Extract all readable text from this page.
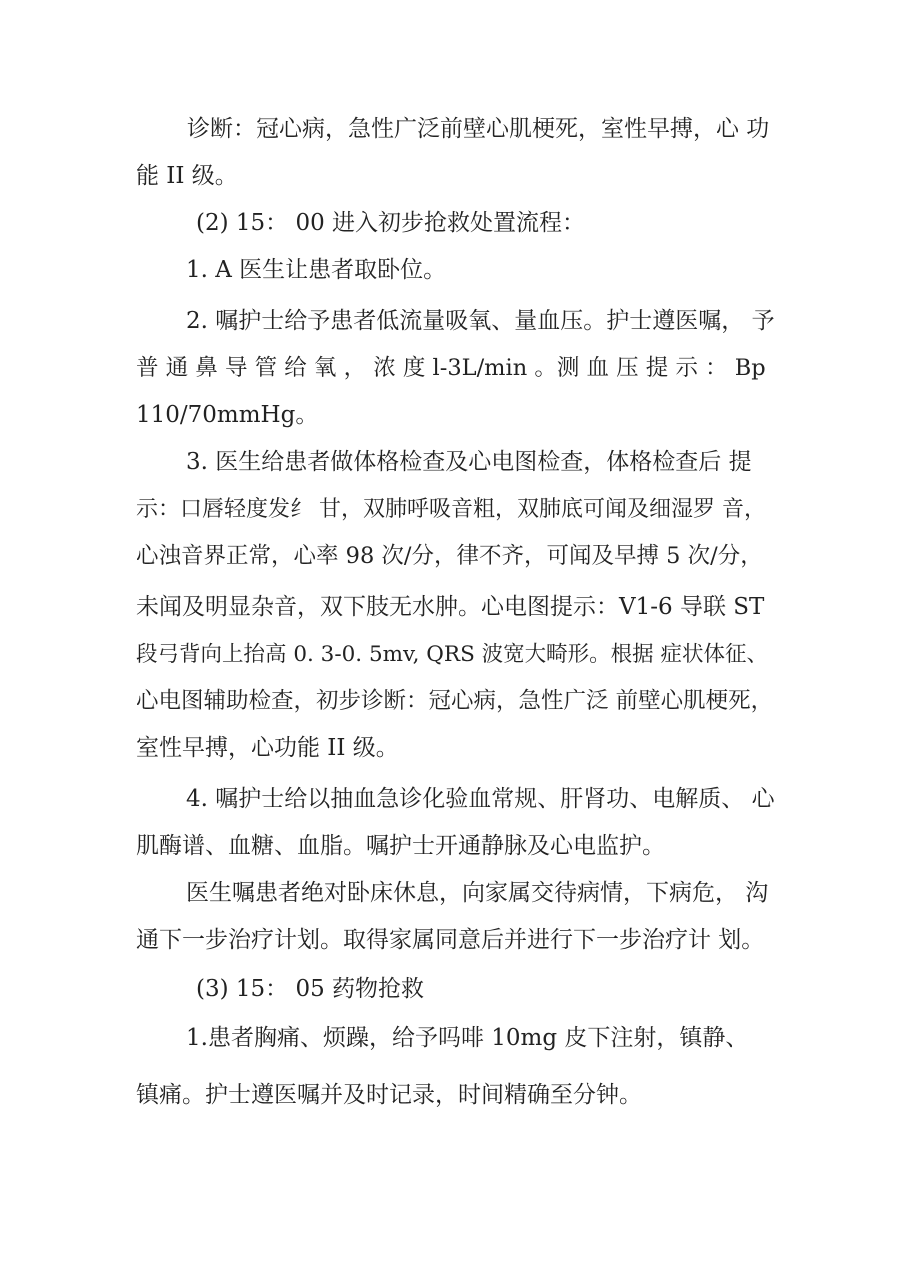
诊断：冠心病，急性广泛前壁心肌梗死，室性早搏，心 功

能 II 级。

(2) 15： 00 进入初步抢救处置流程：

1. A 医生让患者取卧位。

2. 嘱护士给予患者低流量吸氧、量血压。护士遵医嘱， 予

普 通 鼻 导 管 给 氧 ， 浓 度 l-3L/min 。测 血 压 提 示 ： Bp

110/70mmHg。

3. 医生给患者做体格检查及心电图检查，体格检查后 提

示：口唇轻度发纟 甘，双肺呼吸音粗，双肺底可闻及细湿罗 音，

心浊音界正常，心率 98 次/分，律不齐，可闻及早搏 5 次/分，

未闻及明显杂音，双下肢无水肿。心电图提示：V1-6 导联 ST

段弓背向上抬高 0. 3-0. 5mv, QRS 波宽大畸形。根据 症状体征、

心电图辅助检查，初步诊断：冠心病，急性广泛 前壁心肌梗死，

室性早搏，心功能 II 级。

4. 嘱护士给以抽血急诊化验血常规、肝肾功、电解质、 心

肌酶谱、血糖、血脂。嘱护士开通静脉及心电监护。

医生嘱患者绝对卧床休息，向家属交待病情，下病危， 沟

通下一步治疗计划。取得家属同意后并进行下一步治疗计 划。

(3) 15： 05 药物抢救

1.患者胸痛、烦躁，给予吗啡 10mg 皮下注射，镇静、

镇痛。护士遵医嘱并及时记录，时间精确至分钟。
